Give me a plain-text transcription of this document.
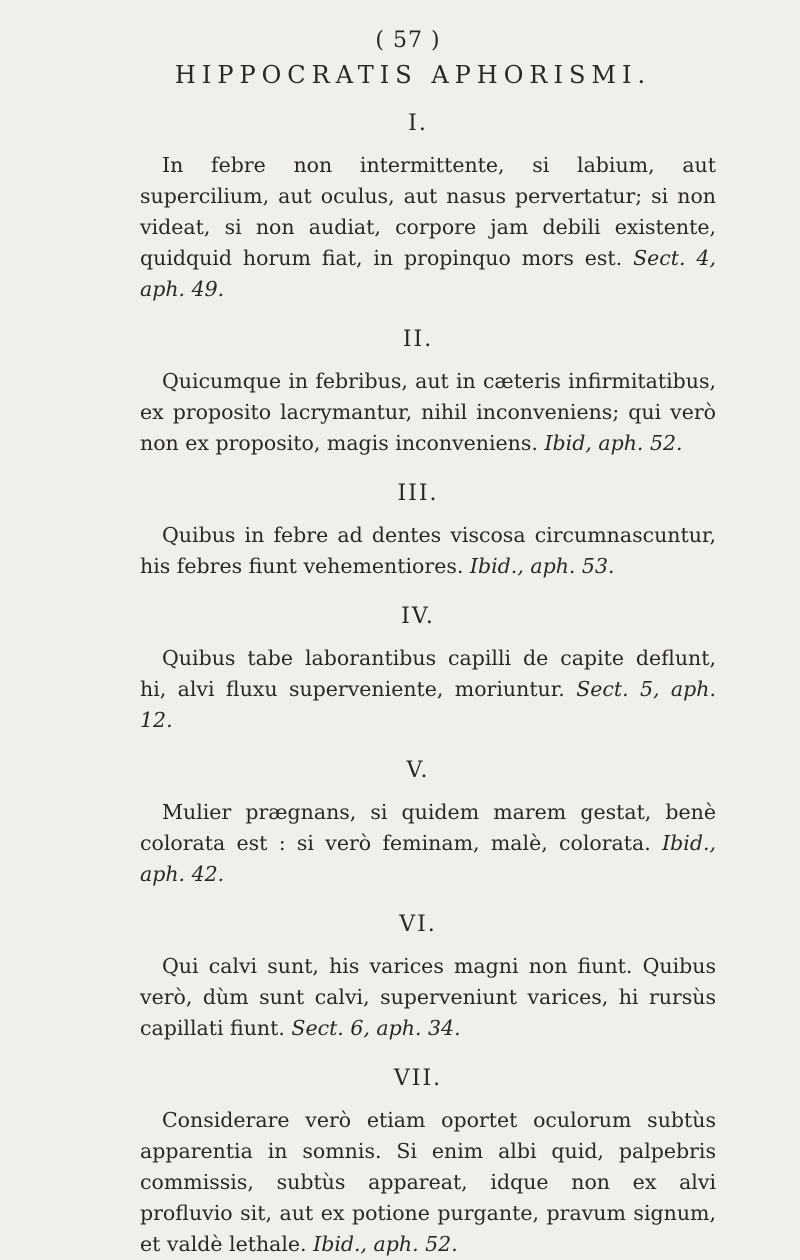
( 57 )
HIPPOCRATIS APHORISMI.
I.

In febre non intermittente, si labium, aut supercilium, aut oculus, aut nasus pervertatur; si non videat, si non audiat, corpore jam debili existente, quidquid horum fiat, in propinquo mors est. Sect. 4, aph. 49.

II.

Quicumque in febribus, aut in cæteris infirmitatibus, ex proposito lacrymantur, nihil inconveniens; qui verò non ex proposito, magis inconveniens. Ibid, aph. 52.

III.

Quibus in febre ad dentes viscosa circumnascuntur, his febres fiunt vehementiores. Ibid., aph. 53.

IV.

Quibus tabe laborantibus capilli de capite deflunt, hi, alvi fluxu superveniente, moriuntur. Sect. 5, aph. 12.

V.

Mulier prægnans, si quidem marem gestat, benè colorata est : si verò feminam, malè, colorata. Ibid., aph. 42.

VI.

Qui calvi sunt, his varices magni non fiunt. Quibus verò, dùm sunt calvi, superveniunt varices, hi rursùs capillati fiunt. Sect. 6, aph. 34.

VII.

Considerare verò etiam oportet oculorum subtùs apparentia in somnis. Si enim albi quid, palpebris commissis, subtùs appareat, idque non ex alvi profluvio sit, aut ex potione purgante, pravum signum, et valdè lethale. Ibid., aph. 52.
